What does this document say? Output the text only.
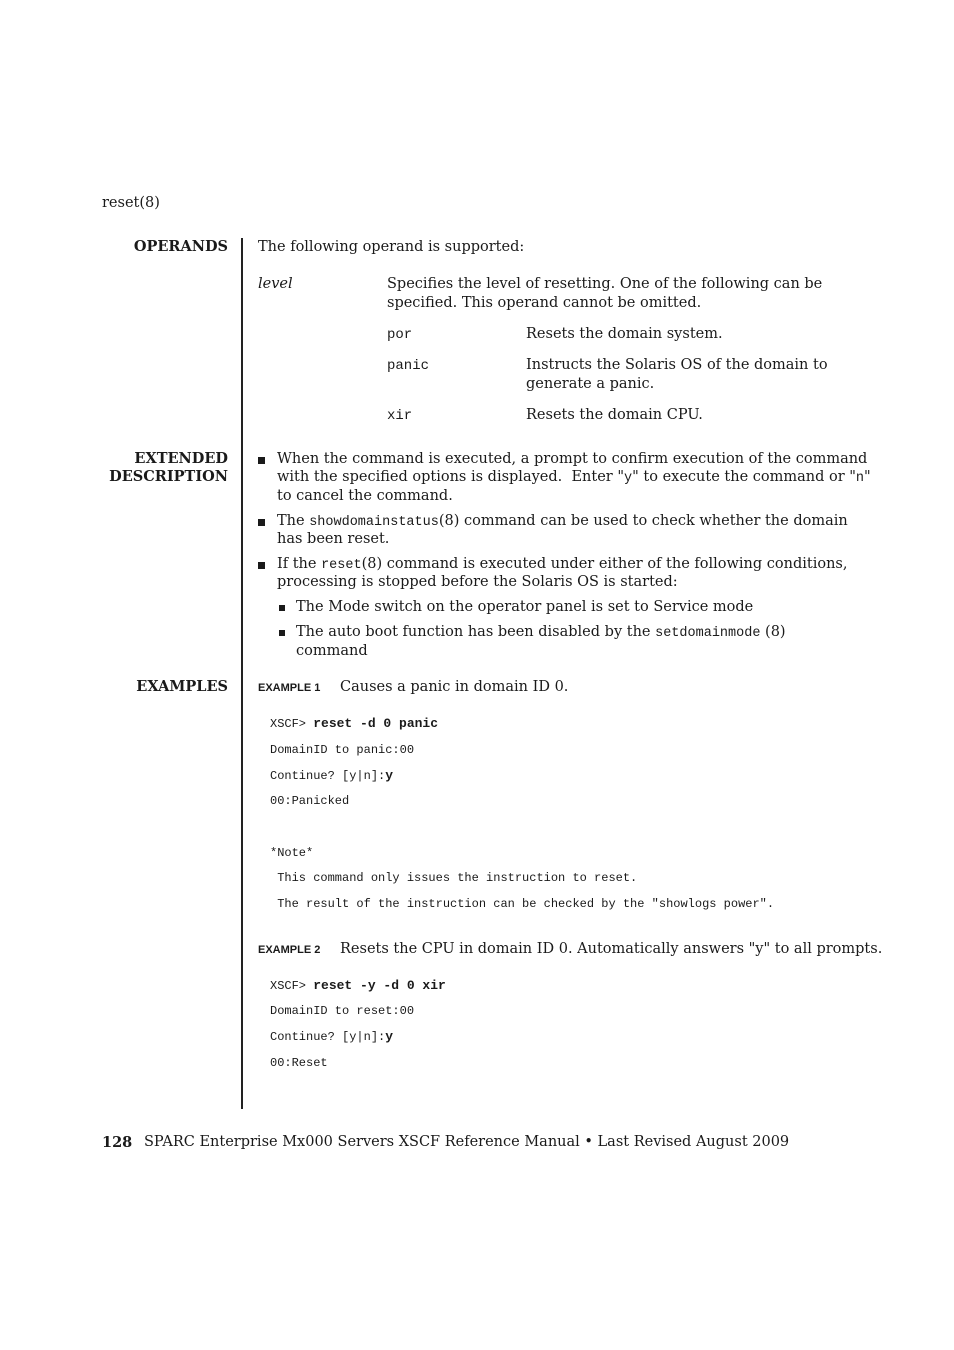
reset(8)
OPERANDS The following operand is supported:
level	Specifies the level of resetting. One of the following can be
specified. This operand cannot be omitted.
por	Resets the domain system.
panic	Instructs the Solaris OS of the domain to
generate a panic.
xir	Resets the domain CPU.
EXTENDED
DESCRIPTION
When the command is executed, a prompt to confirm execution of the command
with the specified options is displayed.  Enter "y" to execute the command or "n"
to cancel the command.
The showdomainstatus(8) command can be used to check whether the domain
has been reset.
If the reset(8) command is executed under either of the following conditions,
processing is stopped before the Solaris OS is started:
The Mode switch on the operator panel is set to Service mode
The auto boot function has been disabled by the setdomainmode (8)
command
EXAMPLES	EXAMPLE 1 Causes a panic in domain ID 0.
XSCF> reset -d 0 panic
DomainID to panic:00
Continue? [y|n]:y
00:Panicked
*Note*
This command only issues the instruction to reset.
The result of the instruction can be checked by the "showlogs power".
EXAMPLE 2 Resets the CPU in domain ID 0. Automatically answers "y" to all prompts.
XSCF> reset -y -d 0 xir
DomainID to reset:00
Continue? [y|n]:y
00:Reset
128 SPARC Enterprise Mx000 Servers XSCF Reference Manual • Last Revised August 2009
